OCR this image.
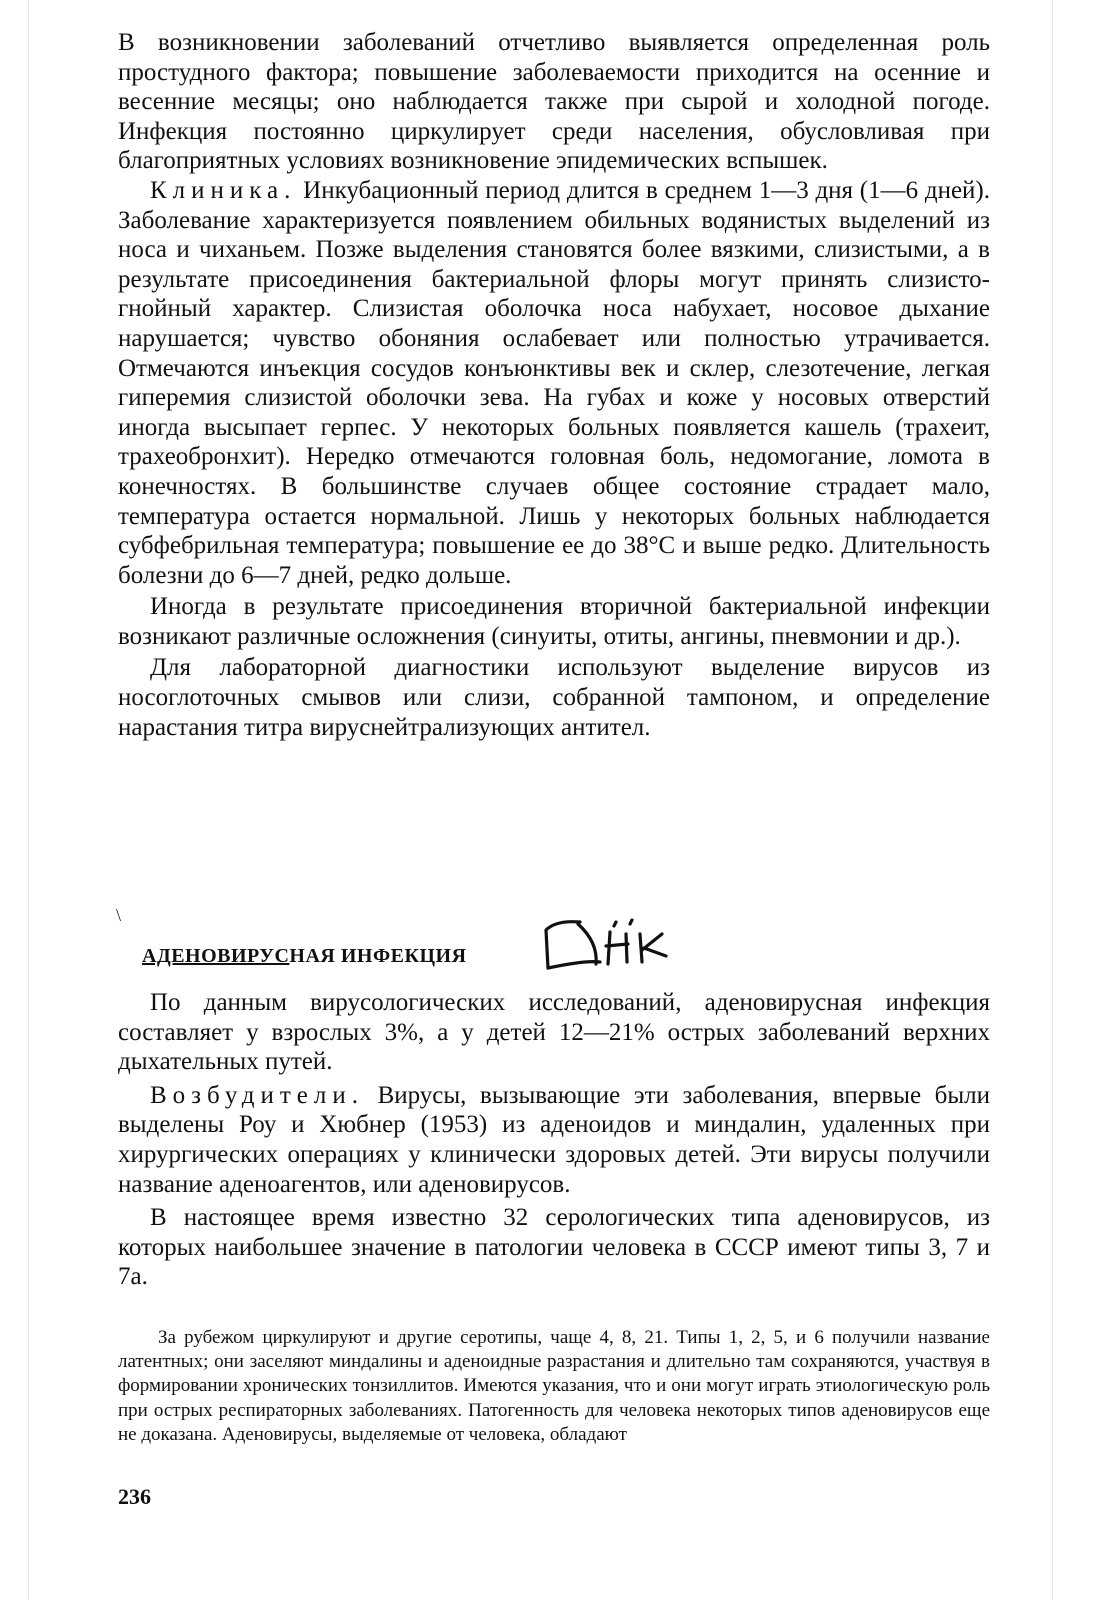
В возникновении заболеваний отчетливо выявляется определенная роль простудного фактора; повышение заболеваемости приходится на осенние и весенние месяцы; оно наблюдается также при сырой и холодной погоде. Инфекция постоянно циркулирует среди населения, обусловливая при благоприятных условиях возникновение эпидемических вспышек.

Клиника. Инкубационный период длится в среднем 1—3 дня (1—6 дней). Заболевание характеризуется появлением обильных водянистых выделений из носа и чиханьем. Позже выделения становятся более вязкими, слизистыми, а в результате присоединения бактериальной флоры могут принять слизисто-гнойный характер. Слизистая оболочка носа набухает, носовое дыхание нарушается; чувство обоняния ослабевает или полностью утрачивается. Отмечаются инъекция сосудов конъюнктивы век и склер, слезотечение, легкая гиперемия слизистой оболочки зева. На губах и коже у носовых отверстий иногда высыпает герпес. У некоторых больных появляется кашель (трахеит, трахеобронхит). Нередко отмечаются головная боль, недомогание, ломота в конечностях. В большинстве случаев общее состояние страдает мало, температура остается нормальной. Лишь у некоторых больных наблюдается субфебрильная температура; повышение ее до 38°С и выше редко. Длительность болезни до 6—7 дней, редко дольше.

Иногда в результате присоединения вторичной бактериальной инфекции возникают различные осложнения (синуиты, отиты, ангины, пневмонии и др.).

Для лабораторной диагностики используют выделение вирусов из носоглоточных смывов или слизи, собранной тампоном, и определение нарастания титра вируснейтрализующих антител.

\
АДЕНОВИРУСНАЯ ИНФЕКЦИЯ

По данным вирусологических исследований, аденовирусная инфекция составляет у взрослых 3%, а у детей 12—21% острых заболеваний верхних дыхательных путей.

Возбудители. Вирусы, вызывающие эти заболевания, впервые были выделены Роу и Хюбнер (1953) из аденоидов и миндалин, удаленных при хирургических операциях у клинически здоровых детей. Эти вирусы получили название аденоагентов, или аденовирусов.

В настоящее время известно 32 серологических типа аденовирусов, из которых наибольшее значение в патологии человека в СССР имеют типы 3, 7 и 7а.

За рубежом циркулируют и другие серотипы, чаще 4, 8, 21. Типы 1, 2, 5, и 6 получили название латентных; они заселяют миндалины и аденоидные разрастания и длительно там сохраняются, участвуя в формировании хронических тонзиллитов. Имеются указания, что и они могут играть этиологическую роль при острых респираторных заболеваниях. Патогенность для человека некоторых типов аденовирусов еще не доказана. Аденовирусы, выделяемые от человека, обладают

236
